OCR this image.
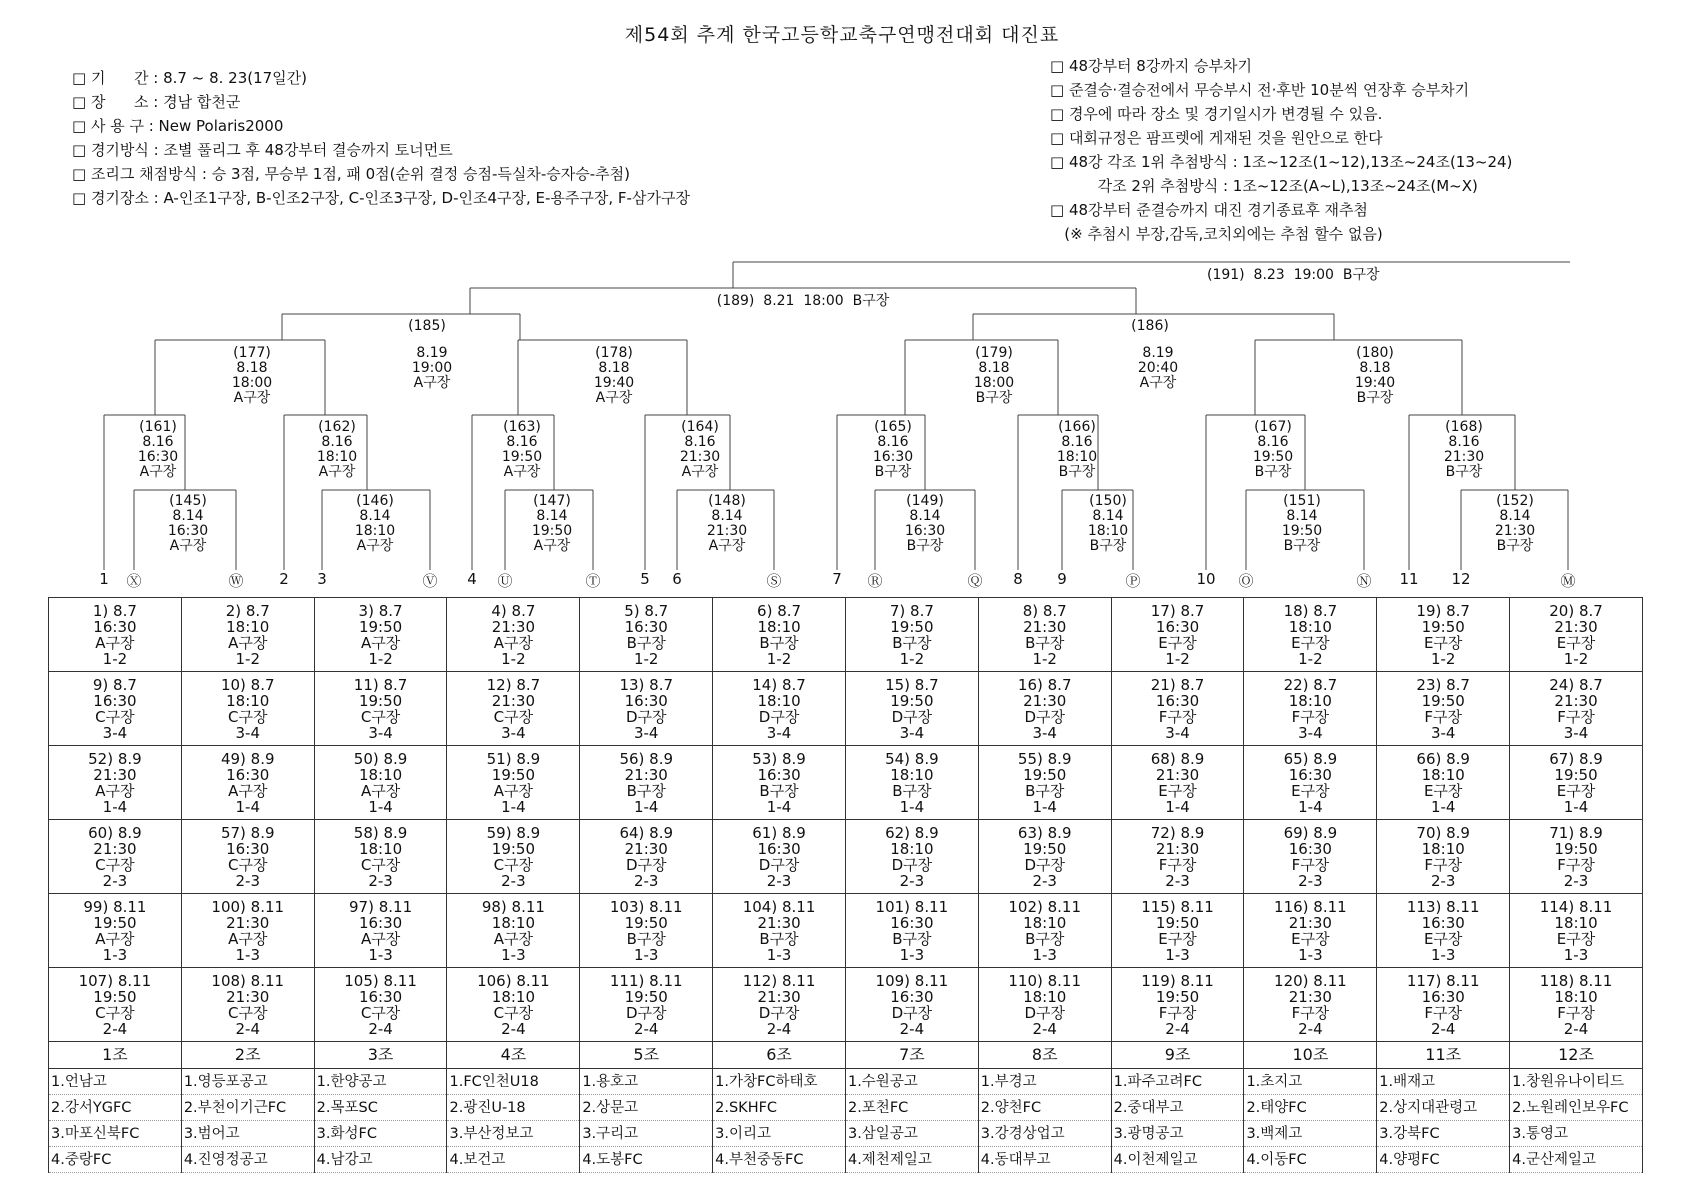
제54회 추계 한국고등학교축구연맹전대회 대진표
□ 기      간 : 8.7 ~ 8. 23(17일간)
□ 장      소 : 경남 합천군
□ 사 용 구 : New Polaris2000
□ 경기방식 : 조별 풀리그 후 48강부터 결승까지 토너먼트
□ 조리그 채점방식 : 승 3점, 무승부 1점, 패 0점(순위 결정 승점-득실차-승자승-추첨)
□ 경기장소 : A-인조1구장, B-인조2구장, C-인조3구장, D-인조4구장, E-용주구장, F-삼가구장
□ 48강부터 8강까지 승부차기
□ 준결승·결승전에서 무승부시 전·후반 10분씩 연장후 승부차기
□ 경우에 따라 장소 및 경기일시가 변경될 수 있음.
□ 대회규정은 팜프렛에 게재된 것을 원안으로 한다
□ 48강 각조 1위 추첨방식 : 1조~12조(1~12),13조~24조(13~24)
각조 2위 추첨방식 : 1조~12조(A~L),13조~24조(M~X)
□ 48강부터 준결승까지 대진 경기종료후 재추첨
(※ 추첨시 부장,감독,코치외에는 추첨 할수 없음)
(191)  8.23  19:00  B구장
(189)  8.21  18:00  B구장
(185)
8.19
19:00
A구장
(186)
8.19
20:40
A구장
(177)
8.18
18:00
A구장
(178)
8.18
19:40
A구장
(179)
8.18
18:00
B구장
(180)
8.18
19:40
B구장
(161)
8.16
16:30
A구장
(162)
8.16
18:10
A구장
(163)
8.16
19:50
A구장
(164)
8.16
21:30
A구장
(165)
8.16
16:30
B구장
(166)
8.16
18:10
B구장
(167)
8.16
19:50
B구장
(168)
8.16
21:30
B구장
(145)
8.14
16:30
A구장
(146)
8.14
18:10
A구장
(147)
8.14
19:50
A구장
(148)
8.14
21:30
A구장
(149)
8.14
16:30
B구장
(150)
8.14
18:10
B구장
(151)
8.14
19:50
B구장
(152)
8.14
21:30
B구장
1 Ⓧ	Ⓦ 2 3	Ⓥ 4 Ⓤ	Ⓣ	5 6	Ⓢ	7 Ⓡ	Ⓠ 8 9	Ⓟ	10 Ⓞ	Ⓝ 11 12	Ⓜ
1) 8.7
16:30
A구장
1-2	2) 8.7
18:10
A구장
1-2	3) 8.7
19:50
A구장
1-2	4) 8.7
21:30
A구장
1-2	5) 8.7
16:30
B구장
1-2	6) 8.7
18:10
B구장
1-2	7) 8.7
19:50
B구장
1-2	8) 8.7
21:30
B구장
1-2	17) 8.7
16:30
E구장
1-2	18) 8.7
18:10
E구장
1-2	19) 8.7
19:50
E구장
1-2	20) 8.7
21:30
E구장
1-2

9) 8.7
16:30
C구장
3-4	10) 8.7
18:10
C구장
3-4	11) 8.7
19:50
C구장
3-4	12) 8.7
21:30
C구장
3-4	13) 8.7
16:30
D구장
3-4	14) 8.7
18:10
D구장
3-4	15) 8.7
19:50
D구장
3-4	16) 8.7
21:30
D구장
3-4	21) 8.7
16:30
F구장
3-4	22) 8.7
18:10
F구장
3-4	23) 8.7
19:50
F구장
3-4	24) 8.7
21:30
F구장
3-4

52) 8.9
21:30
A구장
1-4	49) 8.9
16:30
A구장
1-4	50) 8.9
18:10
A구장
1-4	51) 8.9
19:50
A구장
1-4	56) 8.9
21:30
B구장
1-4	53) 8.9
16:30
B구장
1-4	54) 8.9
18:10
B구장
1-4	55) 8.9
19:50
B구장
1-4	68) 8.9
21:30
E구장
1-4	65) 8.9
16:30
E구장
1-4	66) 8.9
18:10
E구장
1-4	67) 8.9
19:50
E구장
1-4

60) 8.9
21:30
C구장
2-3	57) 8.9
16:30
C구장
2-3	58) 8.9
18:10
C구장
2-3	59) 8.9
19:50
C구장
2-3	64) 8.9
21:30
D구장
2-3	61) 8.9
16:30
D구장
2-3	62) 8.9
18:10
D구장
2-3	63) 8.9
19:50
D구장
2-3	72) 8.9
21:30
F구장
2-3	69) 8.9
16:30
F구장
2-3	70) 8.9
18:10
F구장
2-3	71) 8.9
19:50
F구장
2-3

99) 8.11
19:50
A구장
1-3	100) 8.11
21:30
A구장
1-3	97) 8.11
16:30
A구장
1-3	98) 8.11
18:10
A구장
1-3	103) 8.11
19:50
B구장
1-3	104) 8.11
21:30
B구장
1-3	101) 8.11
16:30
B구장
1-3	102) 8.11
18:10
B구장
1-3	115) 8.11
19:50
E구장
1-3	116) 8.11
21:30
E구장
1-3	113) 8.11
16:30
E구장
1-3	114) 8.11
18:10
E구장
1-3

107) 8.11
19:50
C구장
2-4	108) 8.11
21:30
C구장
2-4	105) 8.11
16:30
C구장
2-4	106) 8.11
18:10
C구장
2-4	111) 8.11
19:50
D구장
2-4	112) 8.11
21:30
D구장
2-4	109) 8.11
16:30
D구장
2-4	110) 8.11
18:10
D구장
2-4	119) 8.11
19:50
F구장
2-4	120) 8.11
21:30
F구장
2-4	117) 8.11
16:30
F구장
2-4	118) 8.11
18:10
F구장
2-4

1조	2조	3조	4조	5조	6조	7조	8조	9조	10조	11조	12조
1.언남고	1.영등포공고	1.한양공고	1.FC인천U18	1.용호고	1.가창FC하태호	1.수원공고	1.부경고	1.파주고려FC	1.초지고	1.배재고	1.창원유나이티드
2.강서YGFC	2.부천이기근FC	2.목포SC	2.광진U-18	2.상문고	2.SKHFC	2.포천FC	2.양천FC	2.중대부고	2.태양FC	2.상지대관령고	2.노원레인보우FC
3.마포신북FC	3.범어고	3.화성FC	3.부산정보고	3.구리고	3.이리고	3.삼일공고	3.강경상업고	3.광명공고	3.백제고	3.강북FC	3.통영고
4.중랑FC	4.진영정공고	4.남강고	4.보건고	4.도봉FC	4.부천중동FC	4.제천제일고	4.동대부고	4.이천제일고	4.이동FC	4.양평FC	4.군산제일고
